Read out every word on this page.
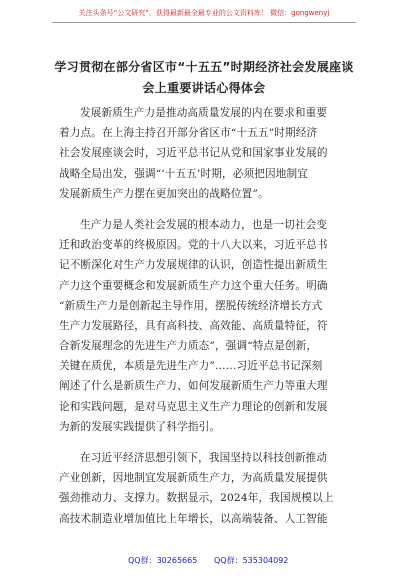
关注头条号“公文研究”，获得最新最全最专业的公文资料库！ 微信：gongwenyj
学习贯彻在部分省区市“十五五”时期经济社会发展座谈
会上重要讲话心得体会
发展新质生产力是推动高质量发展的内在要求和重要
着力点。在上海主持召开部分省区市“十五五”时期经济
社会发展座谈会时，习近平总书记从党和国家事业发展的
战略全局出发，强调“‘十五五’时期，必须把因地制宜
发展新质生产力摆在更加突出的战略位置”。
生产力是人类社会发展的根本动力，也是一切社会变
迁和政治变革的终极原因。党的十八大以来，习近平总书
记不断深化对生产力发展规律的认识，创造性提出新质生
产力这个重要概念和发展新质生产力这个重大任务。明确
“新质生产力是创新起主导作用，摆脱传统经济增长方式
生产力发展路径，具有高科技、高效能、高质量特征，符
合新发展理念的先进生产力质态”，强调“特点是创新，
关键在质优，本质是先进生产力”……习近平总书记深刻
阐述了什么是新质生产力、如何发展新质生产力等重大理
论和实践问题，是对马克思主义生产力理论的创新和发展
为新的发展实践提供了科学指引。
在习近平经济思想引领下，我国坚持以科技创新推动
产业创新，因地制宜发展新质生产力，为高质量发展提供
强劲推动力、支撑力。数据显示，2024年，我国规模以上
高技术制造业增加值比上年增长，以高端装备、人工智能
QQ群：30265665 QQ群：535304092
